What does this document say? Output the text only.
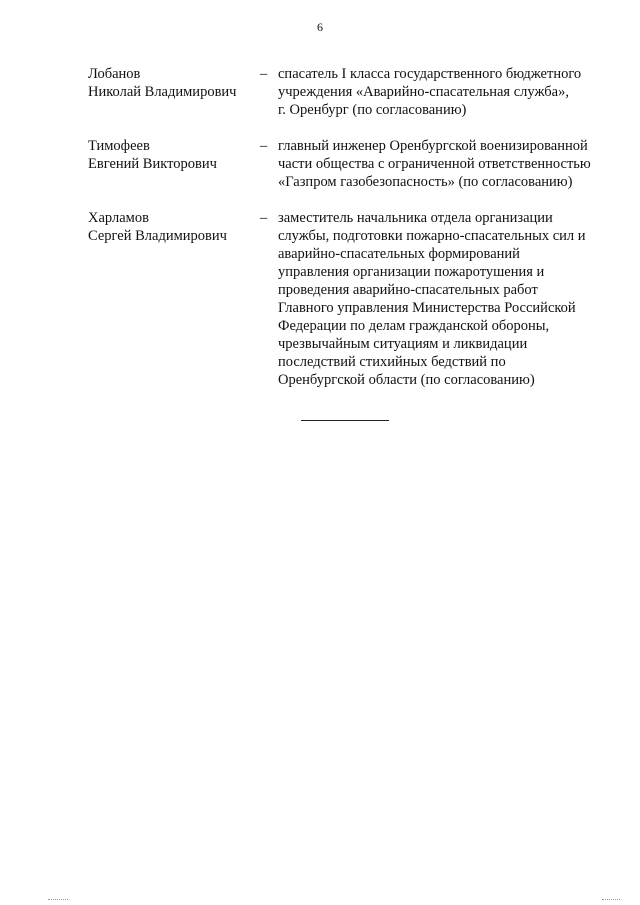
6
Лобанов
Николай Владимирович
– спасатель I класса государственного бюджетного
учреждения «Аварийно-спасательная служба»,
г. Оренбург (по согласованию)
Тимофеев
Евгений Викторович
– главный инженер Оренбургской военизированной
части общества с ограниченной ответственностью
«Газпром газобезопасность» (по согласованию)
Харламов
Сергей Владимирович
– заместитель начальника отдела организации
службы, подготовки пожарно-спасательных сил и
аварийно-спасательных формирований
управления организации пожаротушения и
проведения аварийно-спасательных работ
Главного управления Министерства Российской
Федерации по делам гражданской обороны,
чрезвычайным ситуациям и ликвидации
последствий стихийных бедствий по
Оренбургской области (по согласованию)
